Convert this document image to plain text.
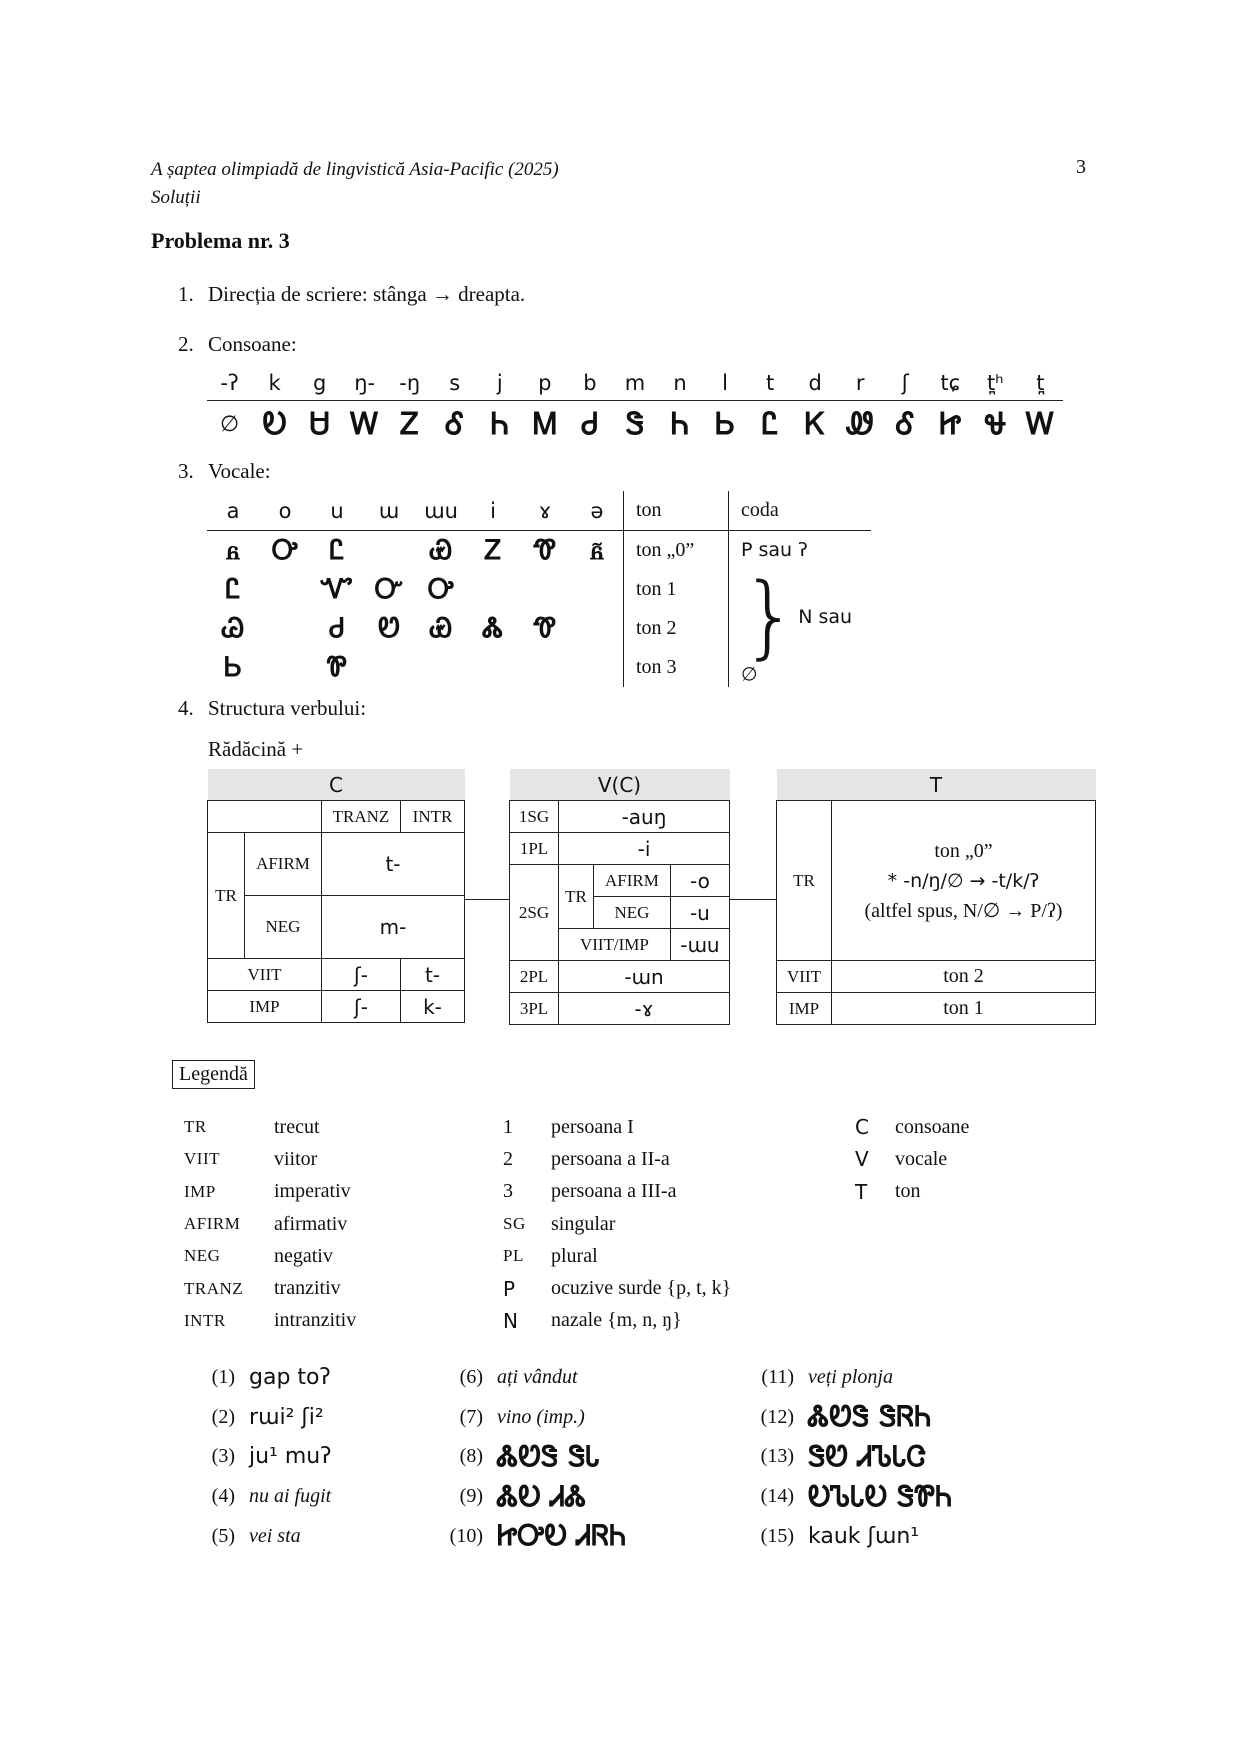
A șaptea olimpiadă de lingvistică Asia-Pacific (2025)
Soluții
3
Problema nr. 3
1. Direcția de scriere: stânga → dreapta.
2. Consoane:
-ʔ	k	g	ŋ-	-ŋ	s	j	p	b	m	n	l	t	d	r	ʃ	tɕ	t̪ʰ	t̪
∅ Ꭷ Ꮜ Ꮃ Ꮓ Ꮄ Ꮒ Ꮇ Ꮷ Ꮥ Ꮒ Ꮟ Ꮭ Ꮶ Ꮺ Ꮄ Ꮵ Ꮰ Ꮃ
3. Vocale:
a	o	u	ɯ	ɯu	i	ɤ	ə	ton	coda
ᏺ	Ꭴ	Ꮭ		Ꮿ	Ꮓ	Ꮱ	ᏺ̃	ton „0”	P sau ʔ
Ꮭ		Ꮙ	Ꮕ	Ꭴ				ton 1	}N sau ∅
Ꮚ		Ꮷ	Ꮼ	Ꮿ	Ꮬ	Ꮱ		ton 2	
Ꮟ		Ꮘ						ton 3	
4. Structura verbului:
Rădăcină +
C			
		TRANZ	INTR
TR	AFIRM	t-	
	NEG	m-	
VIIT		ʃ-	t-
IMP		ʃ-	k-
V(C)			
1SG	-auŋ		
1PL	-i		
2SG	TR	AFIRM	-o
		NEG	-u
	VIIT/IMP		-ɯu
2PL	-ɯn		
3PL	-ɤ		
T	
TR	ton „0”
* -n/ŋ/∅ → -t/k/ʔ
(altfel spus, N/∅ → P/ʔ)

VIIT	ton 2
IMP	ton 1
Legendă
TR	trecut
VIIT	viitor
IMP	imperativ
AFIRM	afirmativ
NEG	negativ
TRANZ	tranzitiv
INTR	intranzitiv
1	persoana I
2	persoana a II-a
3	persoana a III-a
SG	singular
PL	plural
P	ocuzive surde {p, t, k}
N	nazale {m, n, ŋ}
C	consoane
V	vocale
T	ton
(1) gap toʔ
(2) rɯi² ʃi²
(3) ju¹ muʔ
(4) nu ai fugit
(5) vei sta
(6) ați vândut
(7) vino (imp.)
(8) ᏜᏬᏕ ᏕᏓ
(9) ᏜᎧ ᏗᏜ
(10) ᏥᎤᎧ ᏗᏒᏂ
(11) veți plonja
(12) ᏜᏬᏕ ᏕᏒᏂ
(13) ᏕᏬ ᏗᏖᏓᏣ
(14) ᎧᏖᏓᎧ ᏕᏈᏂ
(15) kauk ʃɯn¹
